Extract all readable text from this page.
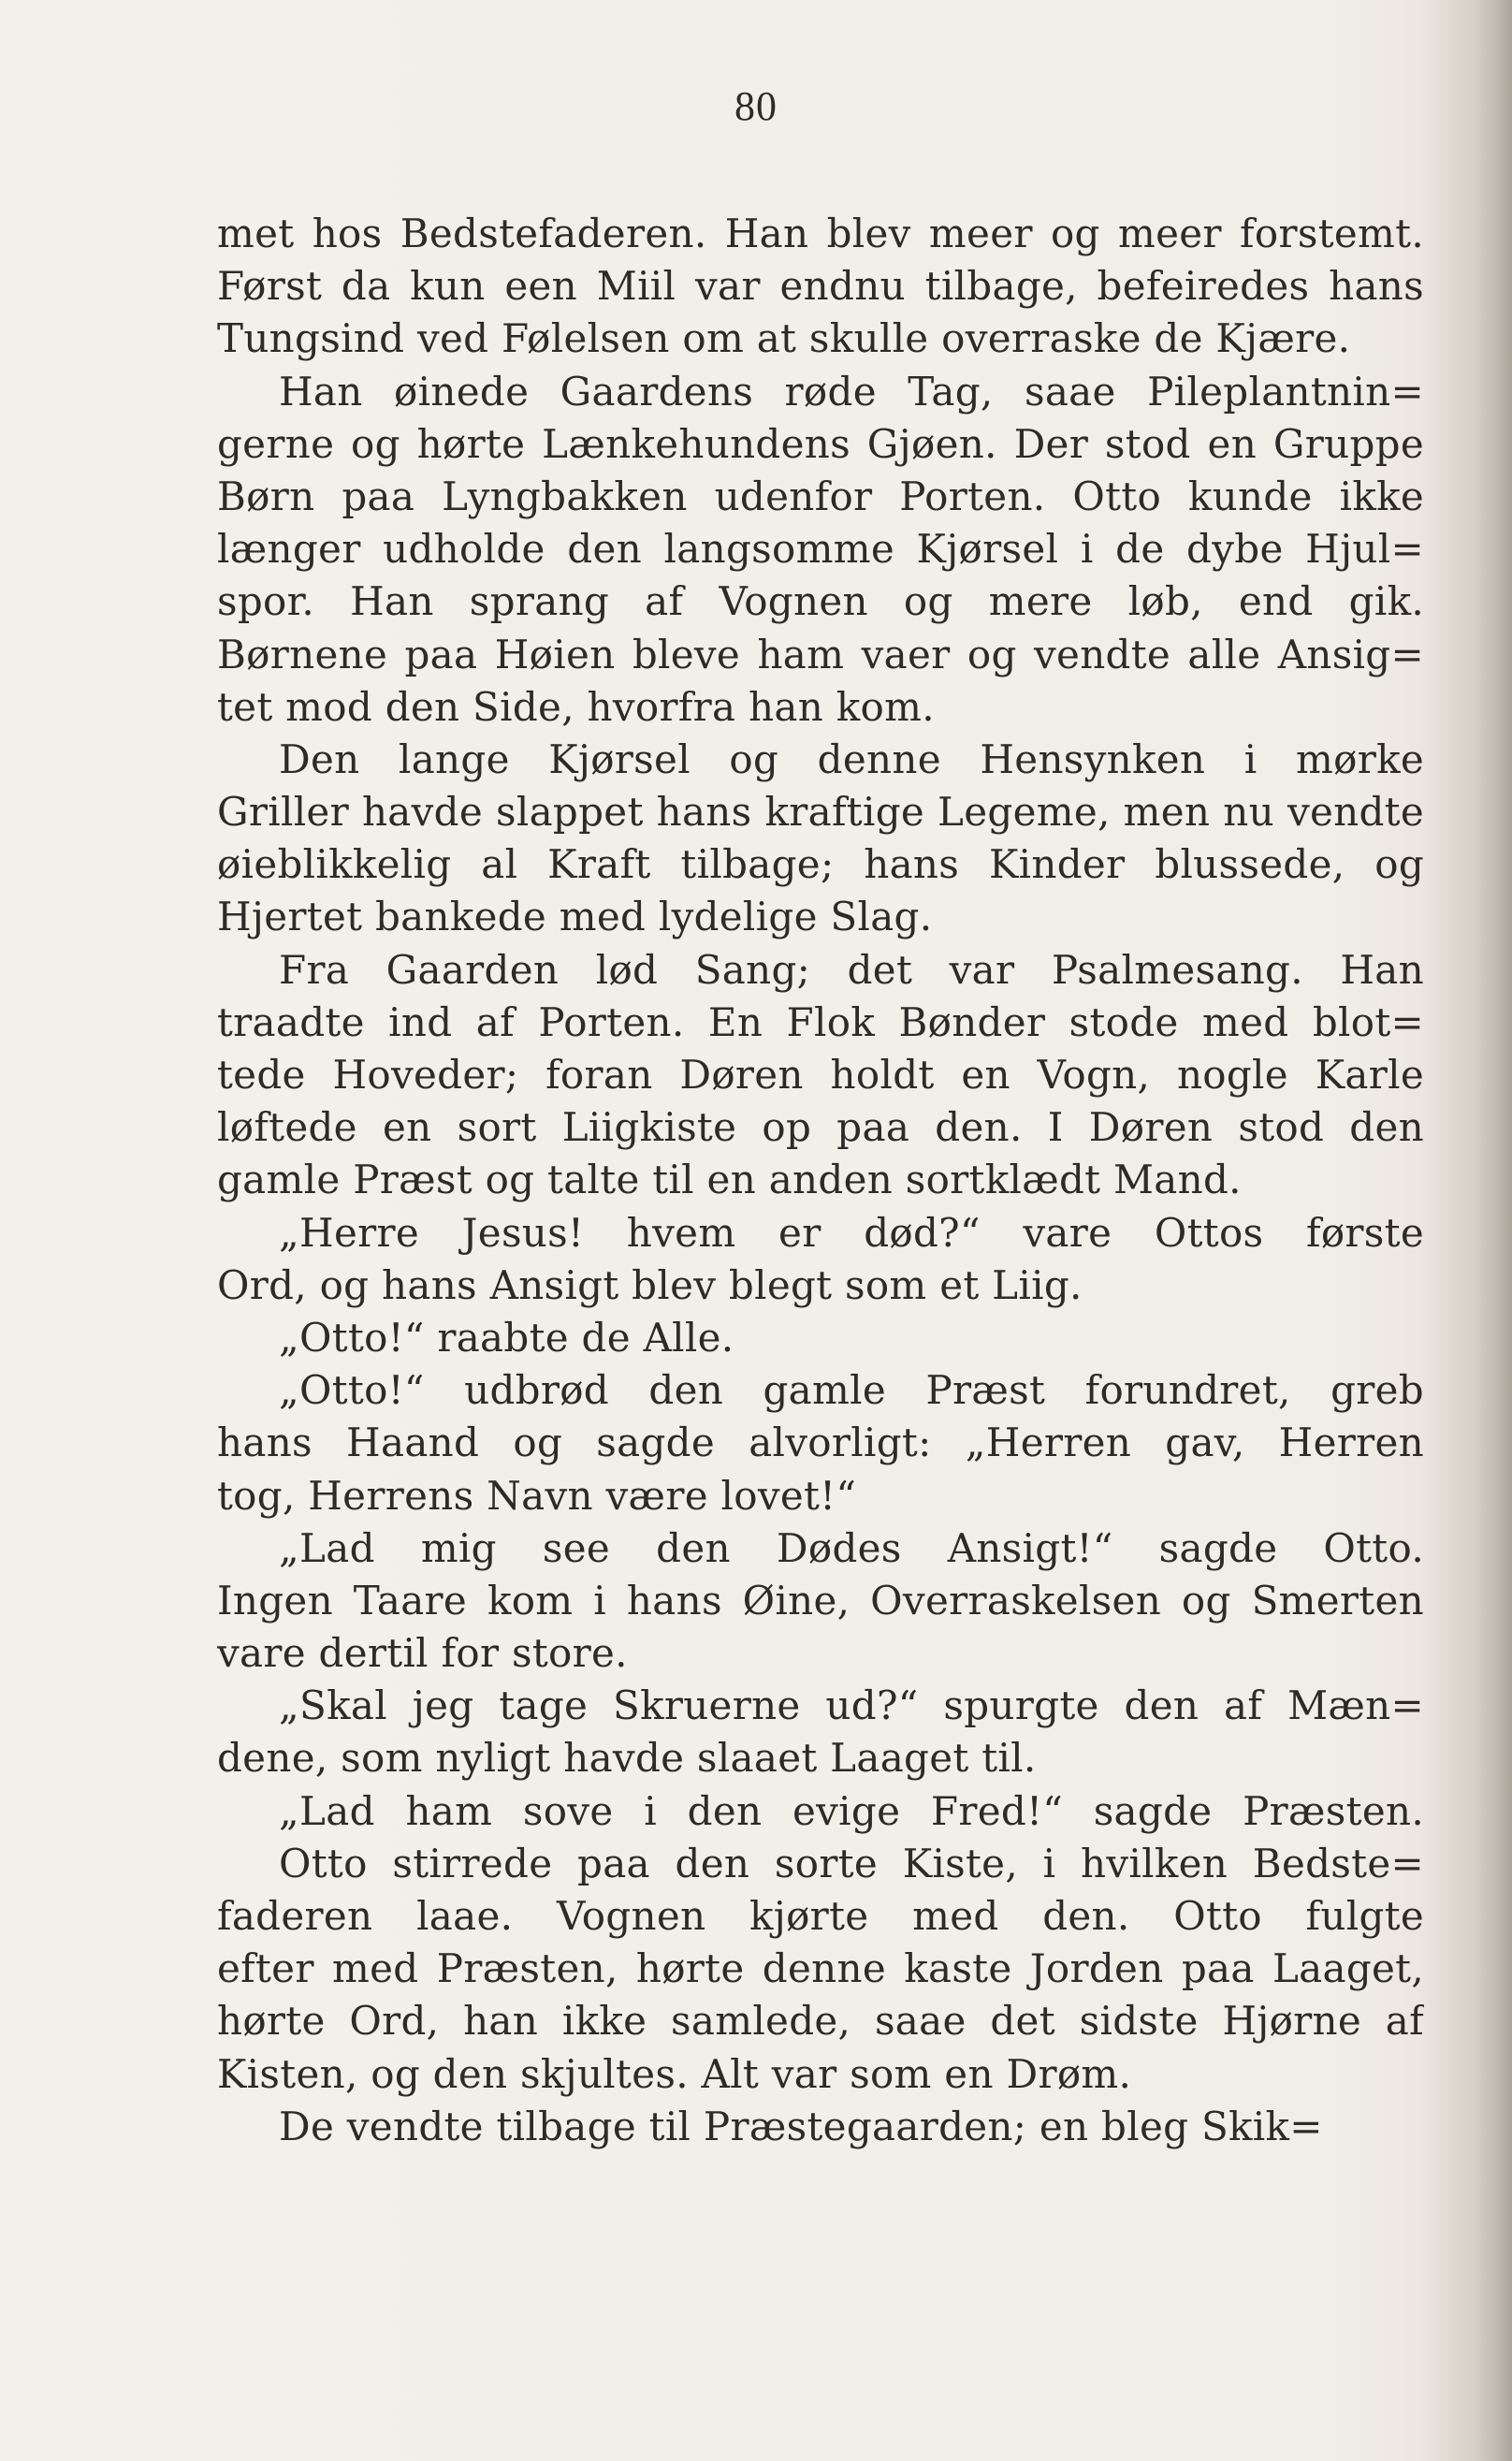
80
met hos Bedstefaderen. Han blev meer og meer forstemt.
Først da kun een Miil var endnu tilbage, befeiredes hans
Tungsind ved Følelsen om at skulle overraske de Kjære.
Han øinede Gaardens røde Tag, saae Pileplantnin=
gerne og hørte Lænkehundens Gjøen. Der stod en Gruppe
Børn paa Lyngbakken udenfor Porten. Otto kunde ikke
længer udholde den langsomme Kjørsel i de dybe Hjul=
spor. Han sprang af Vognen og mere løb, end gik.
Børnene paa Høien bleve ham vaer og vendte alle Ansig=
tet mod den Side, hvorfra han kom.
Den lange Kjørsel og denne Hensynken i mørke
Griller havde slappet hans kraftige Legeme, men nu vendte
øieblikkelig al Kraft tilbage; hans Kinder blussede, og
Hjertet bankede med lydelige Slag.
Fra Gaarden lød Sang; det var Psalmesang. Han
traadte ind af Porten. En Flok Bønder stode med blot=
tede Hoveder; foran Døren holdt en Vogn, nogle Karle
løftede en sort Liigkiste op paa den. I Døren stod den
gamle Præst og talte til en anden sortklædt Mand.
„Herre Jesus! hvem er død?“ vare Ottos første
Ord, og hans Ansigt blev blegt som et Liig.
„Otto!“ raabte de Alle.
„Otto!“ udbrød den gamle Præst forundret, greb
hans Haand og sagde alvorligt: „Herren gav, Herren
tog, Herrens Navn være lovet!“
„Lad mig see den Dødes Ansigt!“ sagde Otto.
Ingen Taare kom i hans Øine, Overraskelsen og Smerten
vare dertil for store.
„Skal jeg tage Skruerne ud?“ spurgte den af Mæn=
dene, som nyligt havde slaaet Laaget til.
„Lad ham sove i den evige Fred!“ sagde Præsten.
Otto stirrede paa den sorte Kiste, i hvilken Bedste=
faderen laae. Vognen kjørte med den. Otto fulgte
efter med Præsten, hørte denne kaste Jorden paa Laaget,
hørte Ord, han ikke samlede, saae det sidste Hjørne af
Kisten, og den skjultes. Alt var som en Drøm.
De vendte tilbage til Præstegaarden; en bleg Skik=
